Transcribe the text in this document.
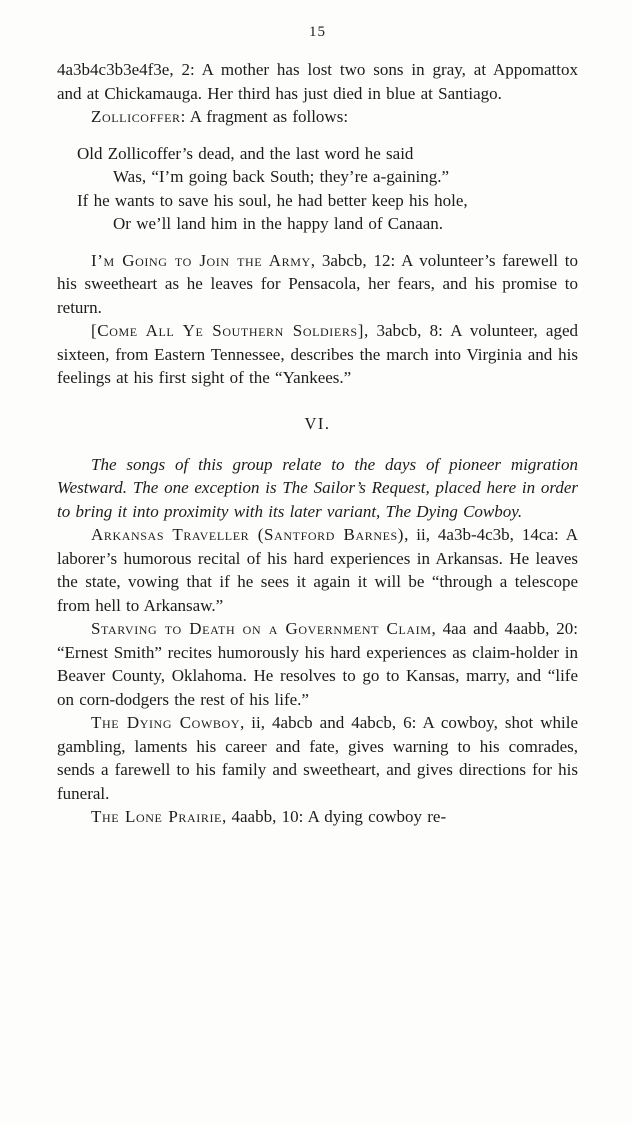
15

4a3b4c3b3e4f3e, 2: A mother has lost two sons in gray, at Appomattox and at Chickamauga. Her third has just died in blue at Santiago.

Zollicoffer: A fragment as follows:

Old Zollicoffer’s dead, and the last word he said
Was, “I’m going back South; they’re a-gaining.”
If he wants to save his soul, he had better keep his hole,
Or we’ll land him in the happy land of Canaan.

I’m Going to Join the Army, 3abcb, 12: A volunteer’s farewell to his sweetheart as he leaves for Pensacola, her fears, and his promise to return.

[Come All Ye Southern Soldiers], 3abcb, 8: A volunteer, aged sixteen, from Eastern Tennessee, describes the march into Virginia and his feelings at his first sight of the “Yankees.”

VI.

The songs of this group relate to the days of pioneer migration Westward. The one exception is The Sailor’s Request, placed here in order to bring it into proximity with its later variant, The Dying Cowboy.

Arkansas Traveller (Santford Barnes), ii, 4a3b-4c3b, 14ca: A laborer’s humorous recital of his hard experiences in Arkansas. He leaves the state, vowing that if he sees it again it will be “through a telescope from hell to Arkansaw.”

Starving to Death on a Government Claim, 4aa and 4aabb, 20: “Ernest Smith” recites humorously his hard experiences as claim-holder in Beaver County, Oklahoma. He resolves to go to Kansas, marry, and “life on corn-dodgers the rest of his life.”

The Dying Cowboy, ii, 4abcb and 4abcb, 6: A cowboy, shot while gambling, laments his career and fate, gives warning to his comrades, sends a farewell to his family and sweetheart, and gives directions for his funeral.

The Lone Prairie, 4aabb, 10: A dying cowboy re-
